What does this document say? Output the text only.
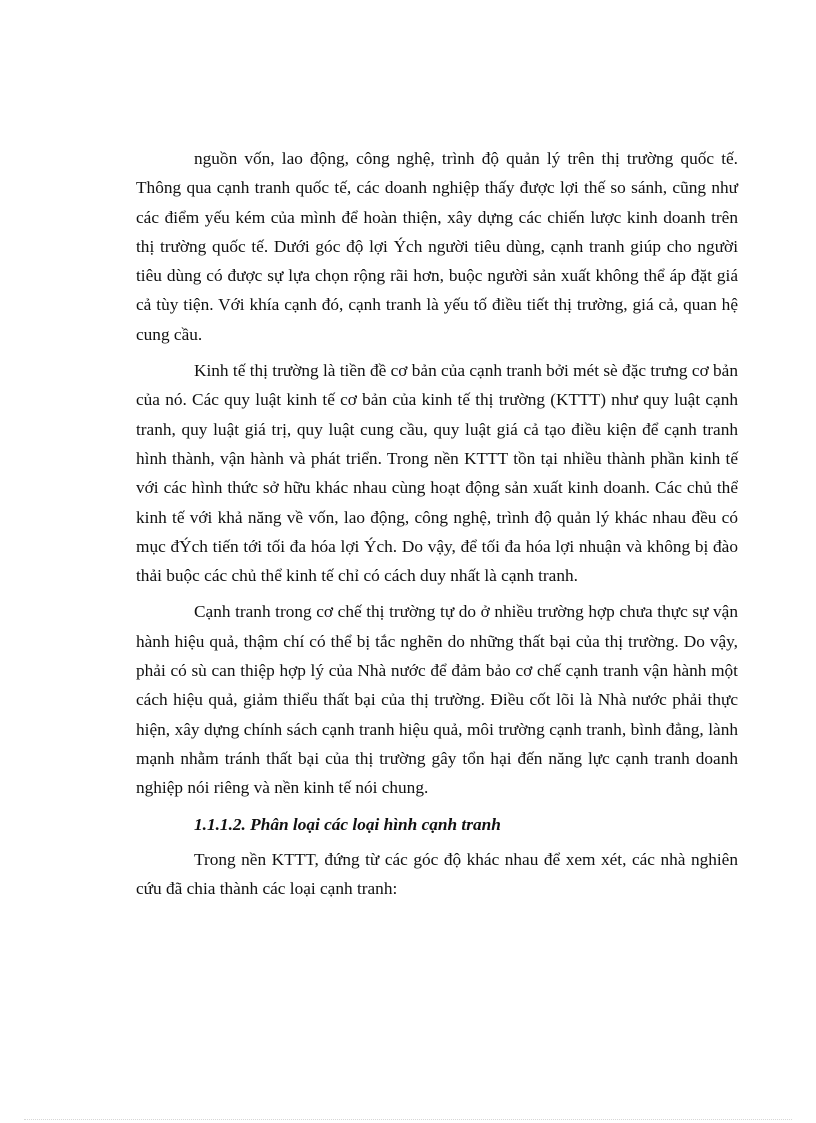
nguồn vốn, lao động, công nghệ, trình độ quản lý trên thị trường quốc tế. Thông qua cạnh tranh quốc tế, các doanh nghiệp thấy được lợi thế so sánh, cũng như các điểm yếu kém của mình để hoàn thiện, xây dựng các chiến lược kinh doanh trên thị trường quốc tế. Dưới góc độ lợi Ých người tiêu dùng, cạnh tranh giúp cho người tiêu dùng có được sự lựa chọn rộng rãi hơn, buộc người sản xuất không thể áp đặt giá cả tùy tiện. Với khía cạnh đó, cạnh tranh là yếu tố điều tiết thị trường, giá cả, quan hệ cung cầu.

Kinh tế thị trường là tiền đề cơ bản của cạnh tranh bởi mét sè đặc trưng cơ bản của nó. Các quy luật kinh tế cơ bản của kinh tế thị trường (KTTT) như quy luật cạnh tranh, quy luật giá trị, quy luật cung cầu, quy luật giá cả tạo điều kiện để cạnh tranh hình thành, vận hành và phát triển. Trong nền KTTT tồn tại nhiều thành phần kinh tế với các hình thức sở hữu khác nhau cùng hoạt động sản xuất kinh doanh. Các chủ thể kinh tế với khả năng về vốn, lao động, công nghệ, trình độ quản lý khác nhau đều có mục đÝch tiến tới tối đa hóa lợi Ých. Do vậy, để tối đa hóa lợi nhuận và không bị đào thải buộc các chủ thể kinh tế chỉ có cách duy nhất là cạnh tranh.

Cạnh tranh trong cơ chế thị trường tự do ở nhiều trường hợp chưa thực sự vận hành hiệu quả, thậm chí có thể bị tắc nghẽn do những thất bại của thị trường. Do vậy, phải có sù can thiệp hợp lý của Nhà nước để đảm bảo cơ chế cạnh tranh vận hành một cách hiệu quả, giảm thiểu thất bại của thị trường. Điều cốt lõi là Nhà nước phải thực hiện, xây dựng chính sách cạnh tranh hiệu quả, môi trường cạnh tranh, bình đẳng, lành mạnh nhằm tránh thất bại của thị trường gây tổn hại đến năng lực cạnh tranh doanh nghiệp nói riêng và nền kinh tế nói chung.

1.1.1.2. Phân loại các loại hình cạnh tranh

Trong nền KTTT, đứng từ các góc độ khác nhau để xem xét, các nhà nghiên cứu đã chia thành các loại cạnh tranh:
